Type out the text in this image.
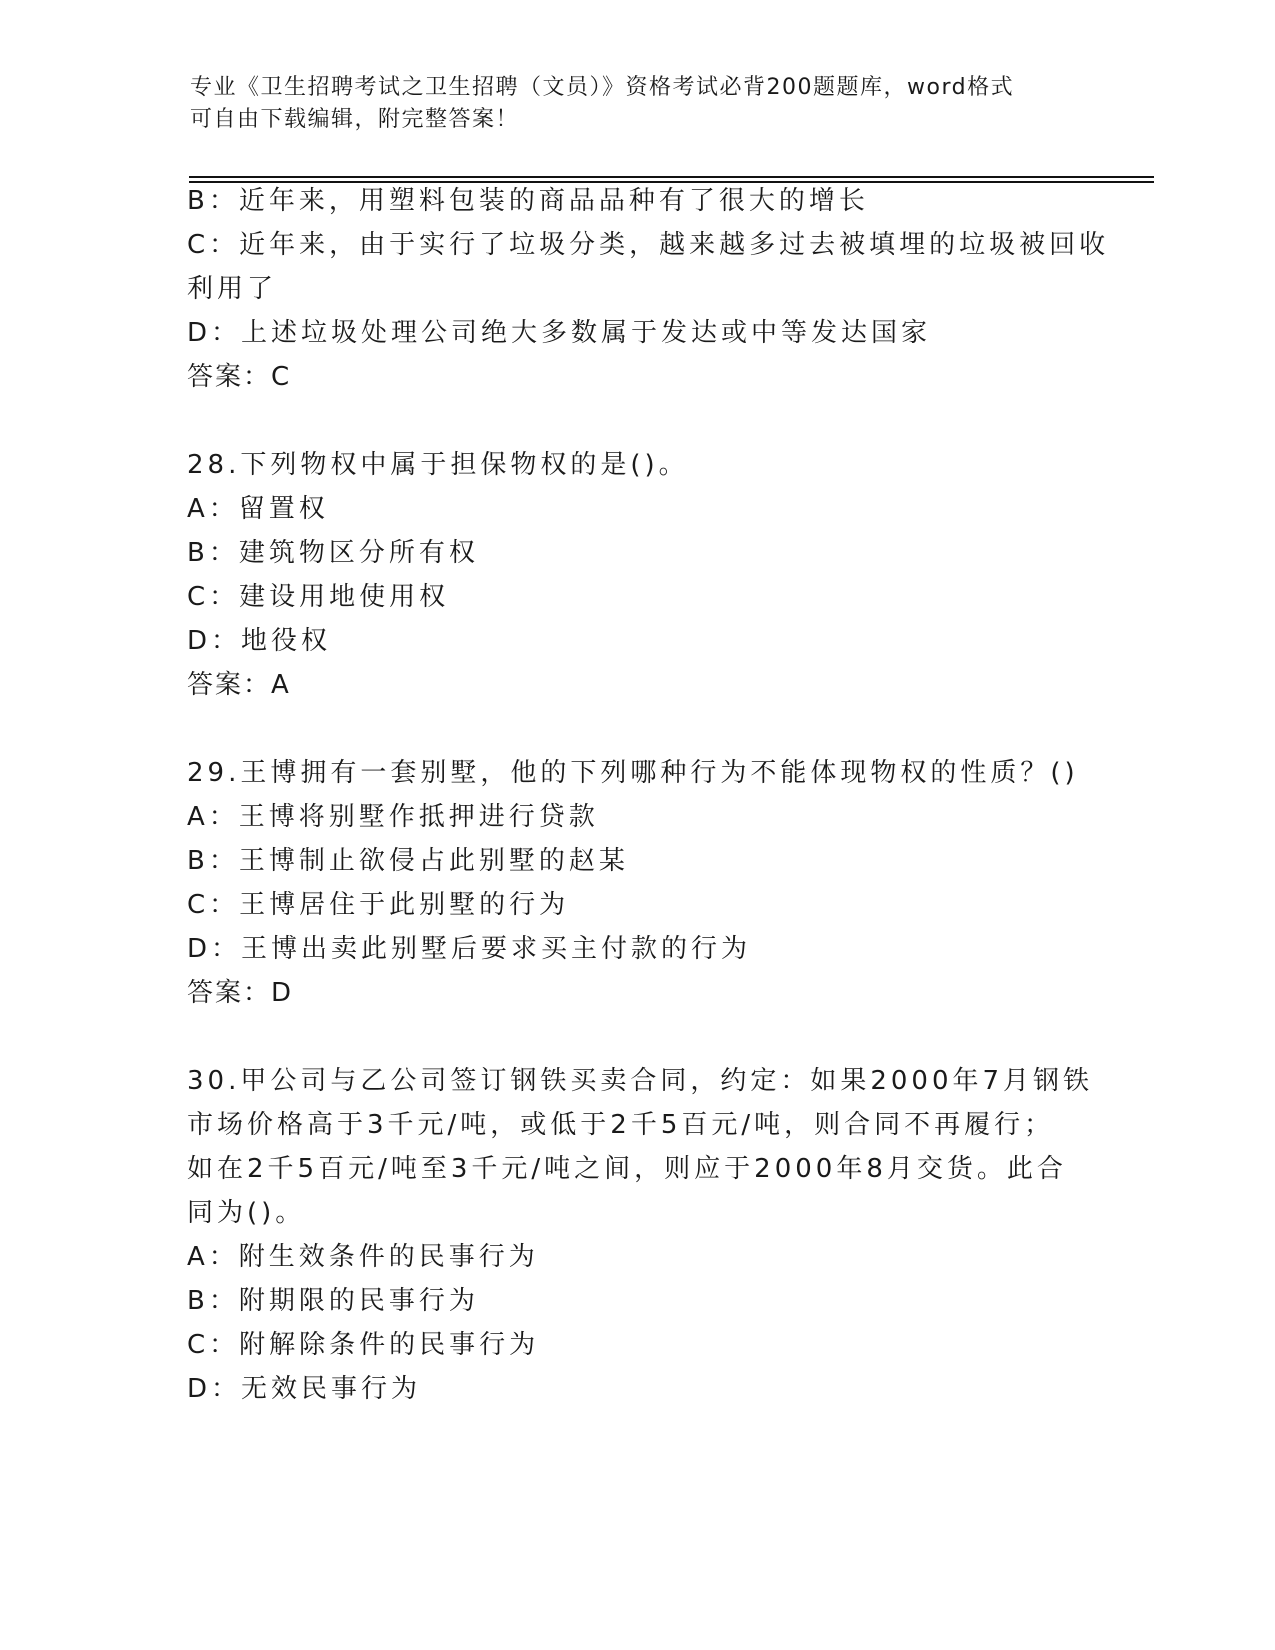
专业《卫生招聘考试之卫生招聘（文员）》资格考试必背200题题库，word格式
可自由下载编辑，附完整答案！
B：近年来，用塑料包装的商品品种有了很大的增长
C：近年来，由于实行了垃圾分类，越来越多过去被填埋的垃圾被回收
利用了
D：上述垃圾处理公司绝大多数属于发达或中等发达国家
答案：C
28.下列物权中属于担保物权的是()。
A：留置权
B：建筑物区分所有权
C：建设用地使用权
D：地役权
答案：A
29.王博拥有一套别墅，他的下列哪种行为不能体现物权的性质？()
A：王博将别墅作抵押进行贷款
B：王博制止欲侵占此别墅的赵某
C：王博居住于此别墅的行为
D：王博出卖此别墅后要求买主付款的行为
答案：D
30.甲公司与乙公司签订钢铁买卖合同，约定：如果2000年7月钢铁
市场价格高于3千元/吨，或低于2千5百元/吨，则合同不再履行；
如在2千5百元/吨至3千元/吨之间，则应于2000年8月交货。此合
同为()。
A：附生效条件的民事行为
B：附期限的民事行为
C：附解除条件的民事行为
D：无效民事行为
